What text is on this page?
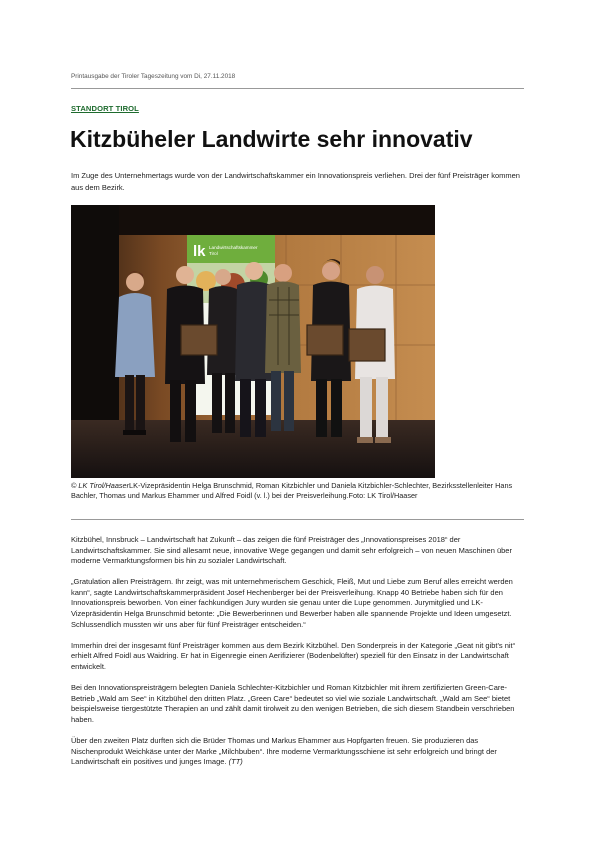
Printausgabe der Tiroler Tageszeitung vom Di, 27.11.2018
STANDORT TIROL
Kitzbüheler Landwirte sehr innovativ
Im Zuge des Unternehmertags wurde von der Landwirtschaftskammer ein Innovationspreis verliehen. Drei der fünf Preisträger kommen aus dem Bezirk.
lk Landwirtschaftskammer
Tirol
© LK Tirol/HaaserLK-Vizepräsidentin Helga Brunschmid, Roman Kitzbichler und Daniela Kitzbichler-Schlechter, Bezirksstellenleiter Hans Bachler, Thomas und Markus Ehammer und Alfred Foidl (v. l.) bei der Preisverleihung.Foto: LK Tirol/Haaser

Kitzbühel, Innsbruck – Landwirtschaft hat Zukunft – das zeigen die fünf Preisträger des „Innovationspreises 2018“ der Landwirtschaftskammer. Sie sind allesamt neue, innovative Wege gegangen und damit sehr erfolgreich – von neuen Maschinen über moderne Vermarktungsformen bis hin zu sozialer Landwirtschaft.

„Gratulation allen Preisträgern. Ihr zeigt, was mit unternehmerischem Geschick, Fleiß, Mut und Liebe zum Beruf alles erreicht werden kann“, sagte Landwirtschaftskammerpräsident Josef Hechenberger bei der Preisverleihung. Knapp 40 Betriebe haben sich für den Innovationspreis beworben. Von einer fachkundigen Jury wurden sie genau unter die Lupe genommen. Jurymitglied und LK-Vizepräsidentin Helga Brunschmid betonte: „Die Bewerberinnen und Bewerber haben alle spannende Projekte und Ideen umgesetzt. Schlussendlich mussten wir uns aber für fünf Preisträger entscheiden.“

Immerhin drei der insgesamt fünf Preisträger kommen aus dem Bezirk Kitzbühel. Den Sonderpreis in der Kategorie „Geat nit gibt's nit“ erhielt Alfred Foidl aus Waidring. Er hat in Eigenregie einen Aerifizierer (Bodenbelüfter) speziell für den Einsatz in der Landwirtschaft entwickelt.

Bei den Innovationspreisträgern belegten Daniela Schlechter-Kitzbichler und Roman Kitzbichler mit ihrem zertifizierten Green-Care-Betrieb „Wald am See“ in Kitzbühel den dritten Platz. „Green Care“ bedeutet so viel wie soziale Landwirtschaft. „Wald am See“ bietet beispielsweise tiergestützte Therapien an und zählt damit tirolweit zu den wenigen Betrieben, die sich diesem Standbein verschrieben haben.

Über den zweiten Platz durften sich die Brüder Thomas und Markus Ehammer aus Hopfgarten freuen. Sie produzieren das Nischenprodukt Weichkäse unter der Marke „Milchbuben“. Ihre moderne Vermarktungsschiene ist sehr erfolgreich und bringt der Landwirtschaft ein positives und junges Image. (TT)
